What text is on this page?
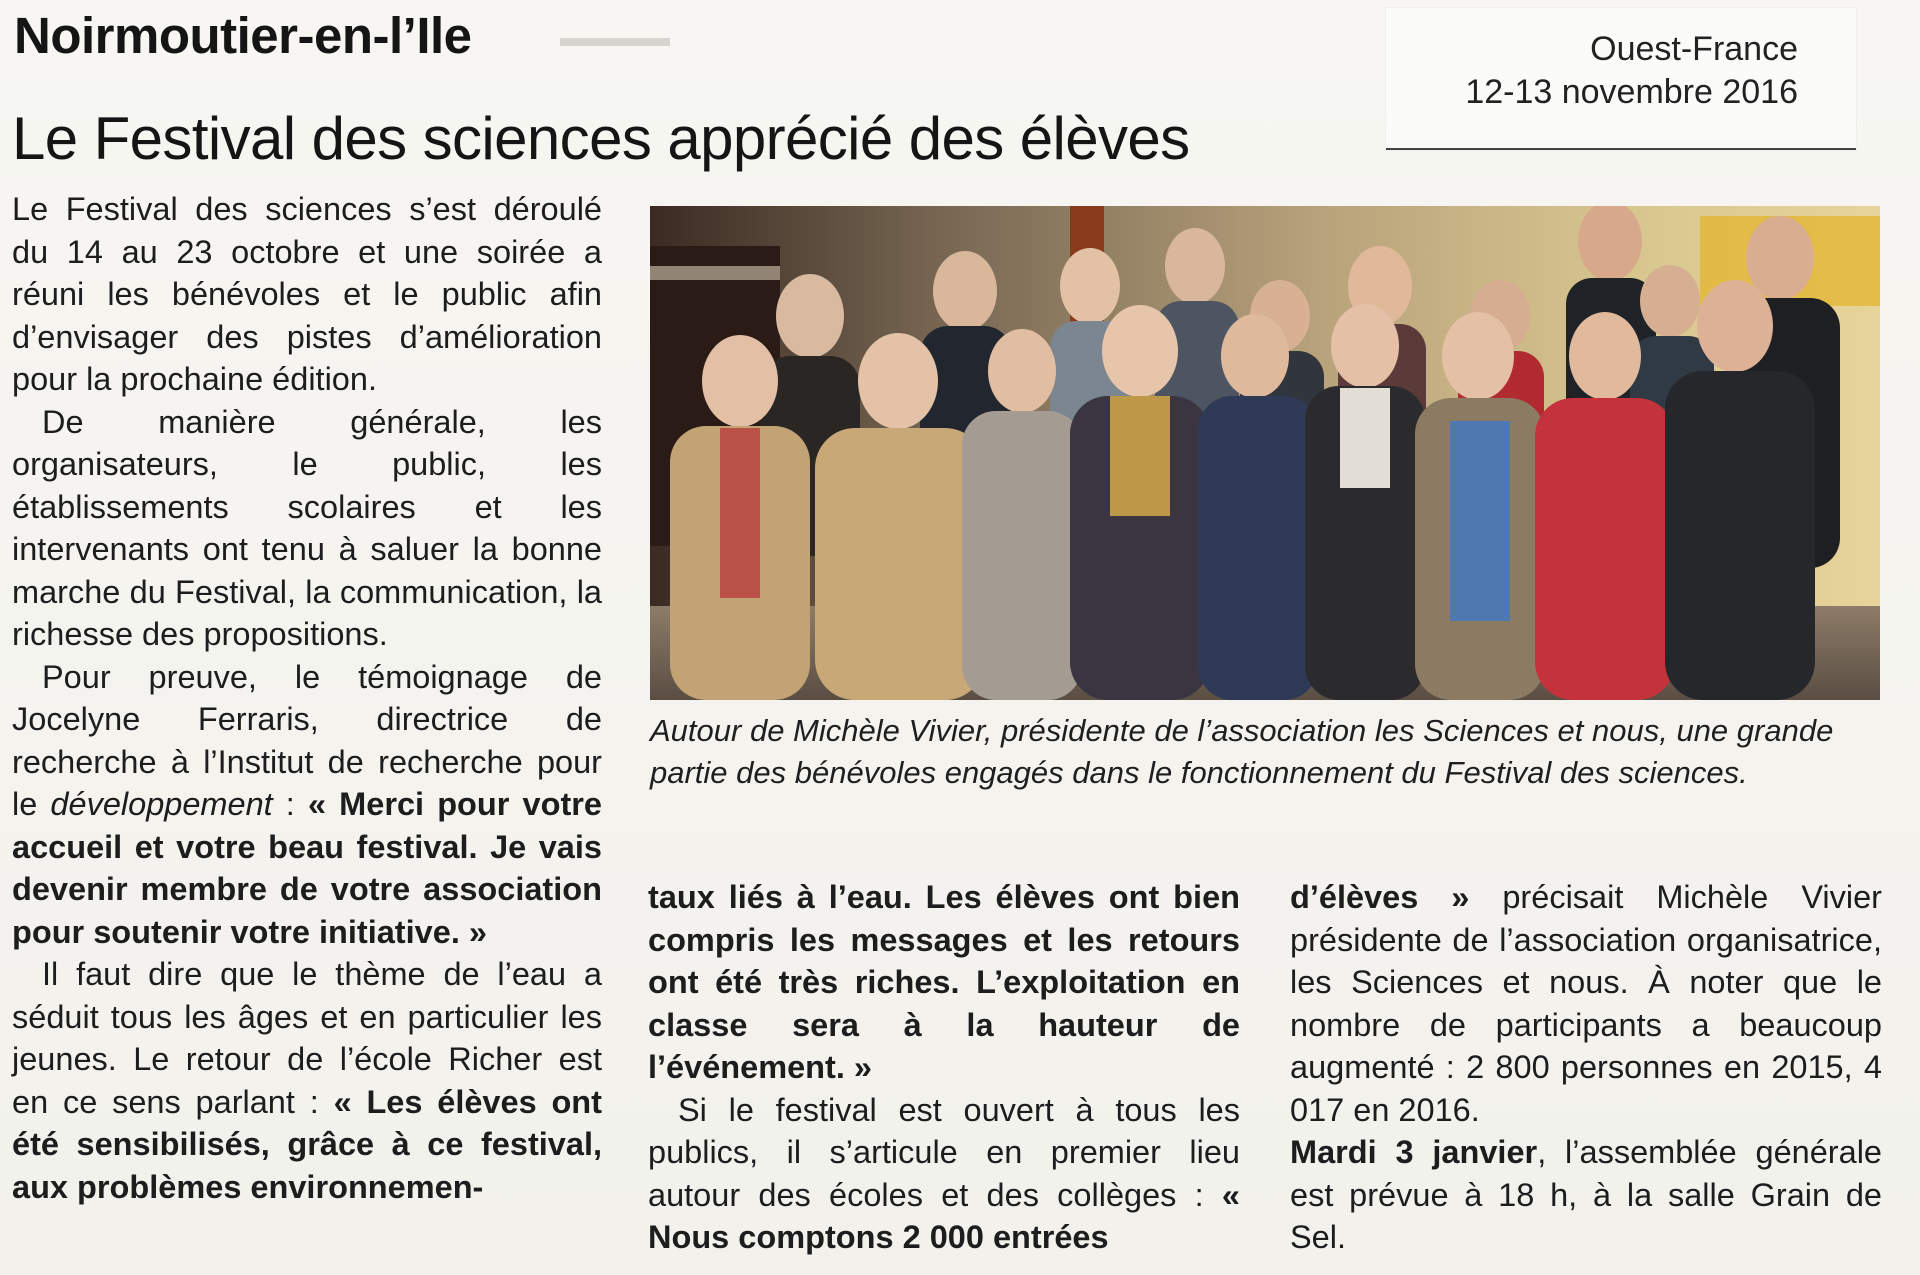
Noirmoutier-en-l’Ile
Le Festival des sciences apprécié des élèves
Ouest-France
12-13 novembre 2016

Le Festival des sciences s’est déroulé du 14 au 23 octobre et une soirée a réuni les bénévoles et le public afin d’envisager des pistes d’amélioration pour la prochaine édition.

De manière générale, les organisateurs, le public, les établissements scolaires et les intervenants ont tenu à saluer la bonne marche du Festival, la communication, la richesse des propositions.

Pour preuve, le témoignage de Jocelyne Ferraris, directrice de recherche à l’Institut de recherche pour le développement : « Merci pour votre accueil et votre beau festival. Je vais devenir membre de votre association pour soutenir votre initiative. »

Il faut dire que le thème de l’eau a séduit tous les âges et en particulier les jeunes. Le retour de l’école Richer est en ce sens parlant : « Les élèves ont été sensibilisés, grâce à ce festival, aux problèmes environnemen-

Autour de Michèle Vivier, présidente de l’association les Sciences et nous, une grande partie des bénévoles engagés dans le fonctionnement du Festival des sciences.

taux liés à l’eau. Les élèves ont bien compris les messages et les retours ont été très riches. L’exploitation en classe sera à la hauteur de l’événement. »

Si le festival est ouvert à tous les publics, il s’articule en premier lieu autour des écoles et des collèges : « Nous comptons 2 000 entrées

d’élèves » précisait Michèle Vivier présidente de l’association organisatrice, les Sciences et nous. À noter que le nombre de participants a beaucoup augmenté : 2 800 personnes en 2015, 4 017 en 2016.

Mardi 3 janvier, l’assemblée générale est prévue à 18 h, à la salle Grain de Sel.
